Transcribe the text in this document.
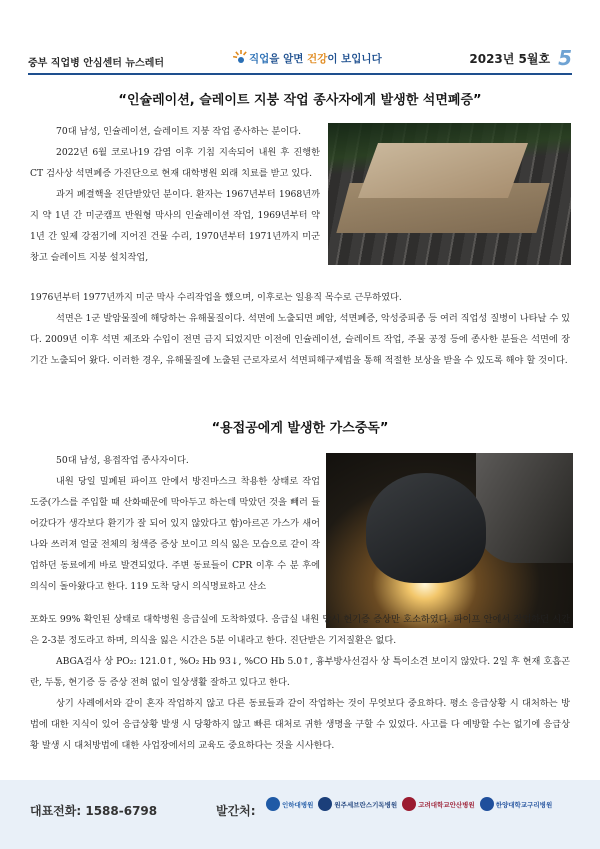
중부 직업병 안심센터 뉴스레터	직업을 알면 건강이 보입니다	2023년 5월호 5
“인슐레이션, 슬레이트 지붕 작업 종사자에게 발생한 석면폐증”

70대 남성, 인슐레이션, 슬레이트 지붕 작업 종사하는 분이다.

2022년 6월 코로나19 감염 이후 기침 지속되어 내원 후 진행한 CT 검사상 석면폐증 가진단으로 현재 대학병원 외래 치료를 받고 있다.

과거 폐결핵을 진단받았던 분이다. 환자는 1967년부터 1968년까지 약 1년 간 미군캠프 반원형 막사의 인슐레이션 작업, 1969년부터 약 1년 간 잎제 강점기에 지어진 건물 수리, 1970년부터 1971년까지 미군창고 슬레이트 지붕 설치작업,

1976년부터 1977년까지 미군 막사 수리작업을 했으며, 이후로는 일용직 목수로 근무하였다.

석면은 1군 발암물질에 해당하는 유해물질이다. 석면에 노출되면 폐암, 석면폐증, 악성중피종 등 여러 직업성 질병이 나타날 수 있다. 2009년 이후 석면 제조와 수입이 전면 금지 되었지만 이전에 인슐레이션, 슬레이트 작업, 주물 공정 등에 종사한 분들은 석면에 장기간 노출되어 왔다. 이러한 경우, 유해물질에 노출된 근로자로서 석면피해구제법을 통해 적절한 보상을 받을 수 있도록 해야 할 것이다.

“용접공에게 발생한 가스중독”

50대 남성, 용접작업 종사자이다.

내원 당일 밀폐된 파이프 안에서 방진마스크 착용한 상태로 작업 도중(가스를 주입할 때 산화때문에 막아두고 하는데 막았던 것을 빼러 들어갔다가 생각보다 환기가 잘 되어 있지 않았다고 함)아르곤 가스가 새어나와 쓰러져 얼굴 전체의 청색증 증상 보이고 의식 잃은 모습으로 같이 작업하던 동료에게 바로 발견되었다. 주변 동료들이 CPR 이후 수 분 후에 의식이 돌아왔다고 한다. 119 도착 당시 의식명료하고 산소

포화도 99% 확인된 상태로 대학병원 응급실에 도착하였다. 응급실 내원 당시 현기증 증상만 호소하였다. 파이프 안에서 작업하던 시간은 2-3분 정도라고 하며, 의식을 잃은 시간은 5분 이내라고 한다. 진단받은 기저질환은 없다.

ABGA검사 상 PO₂: 121.0↑, %O₂ Hb 93↓, %CO Hb 5.0↑, 흉부방사선검사 상 특이소견 보이지 않았다. 2일 후 현재 호흡곤란, 두통, 현기증 등 증상 전혀 없이 일상생활 잘하고 있다고 한다.

상기 사례에서와 같이 혼자 작업하지 않고 다른 동료들과 같이 작업하는 것이 무엇보다 중요하다. 평소 응급상황 시 대처하는 방법에 대한 지식이 있어 응급상황 발생 시 당황하지 않고 빠른 대처로 귀한 생명을 구할 수 있었다. 사고를 다 예방할 수는 없기에 응급상황 발생 시 대처방법에 대한 사업장에서의 교육도 중요하다는 것을 시사한다.

대표전화: 1588-6798	발간처:	인하대병원	원주세브란스기독병원	고려대학교안산병원	한양대학교구리병원
